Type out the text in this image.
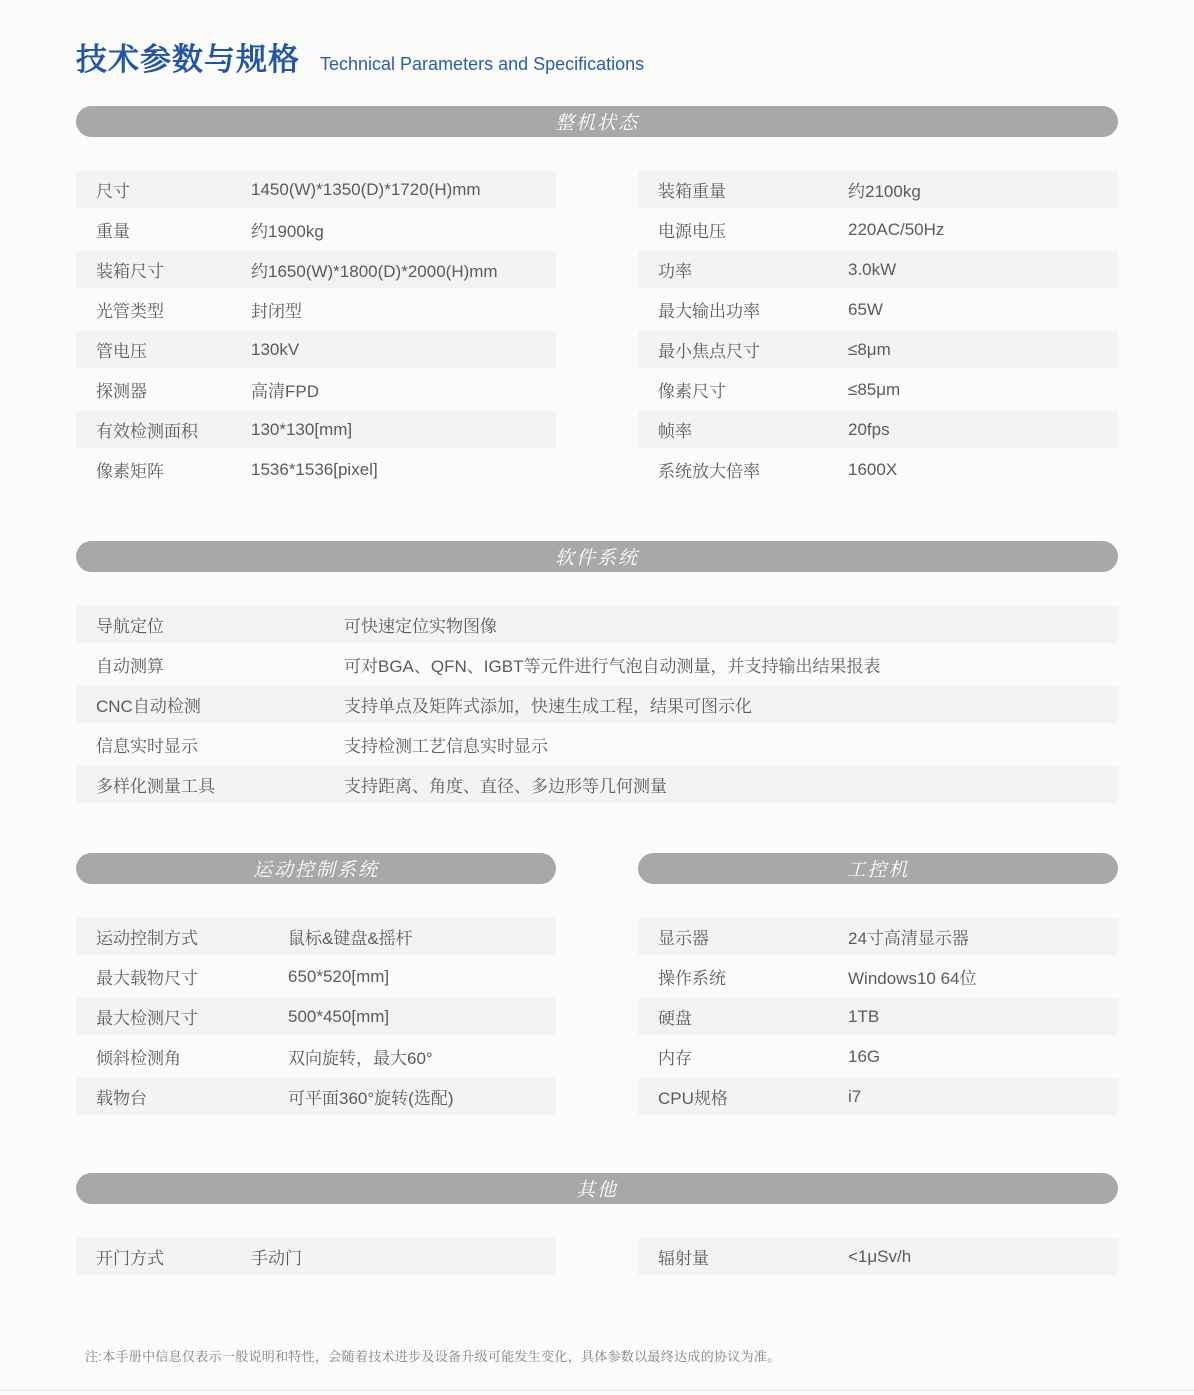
技术参数与规格 Technical Parameters and Specifications
整机状态
尺寸	1450(W)*1350(D)*1720(H)mm
重量	约1900kg
装箱尺寸	约1650(W)*1800(D)*2000(H)mm
光管类型	封闭型
管电压	130kV
探测器	高清FPD
有效检测面积	130*130[mm]
像素矩阵	1536*1536[pixel]
装箱重量	约2100kg
电源电压	220AC/50Hz
功率	3.0kW
最大输出功率	65W
最小焦点尺寸	≤8μm
像素尺寸	≤85μm
帧率	20fps
系统放大倍率	1600X
软件系统
导航定位	可快速定位实物图像
自动测算	可对BGA、QFN、IGBT等元件进行气泡自动测量，并支持输出结果报表
CNC自动检测	支持单点及矩阵式添加，快速生成工程，结果可图示化
信息实时显示	支持检测工艺信息实时显示
多样化测量工具	支持距离、角度、直径、多边形等几何测量
运动控制系统	工控机
运动控制方式	鼠标&键盘&摇杆
最大载物尺寸	650*520[mm]
最大检测尺寸	500*450[mm]
倾斜检测角	双向旋转，最大60°
载物台	可平面360°旋转(选配)
显示器	24寸高清显示器
操作系统	Windows10 64位
硬盘	1TB
内存	16G
CPU规格	i7
其他
开门方式	手动门	辐射量	<1μSv/h
注:本手册中信息仅表示一般说明和特性，会随着技术进步及设备升级可能发生变化，具体参数以最终达成的协议为准。
